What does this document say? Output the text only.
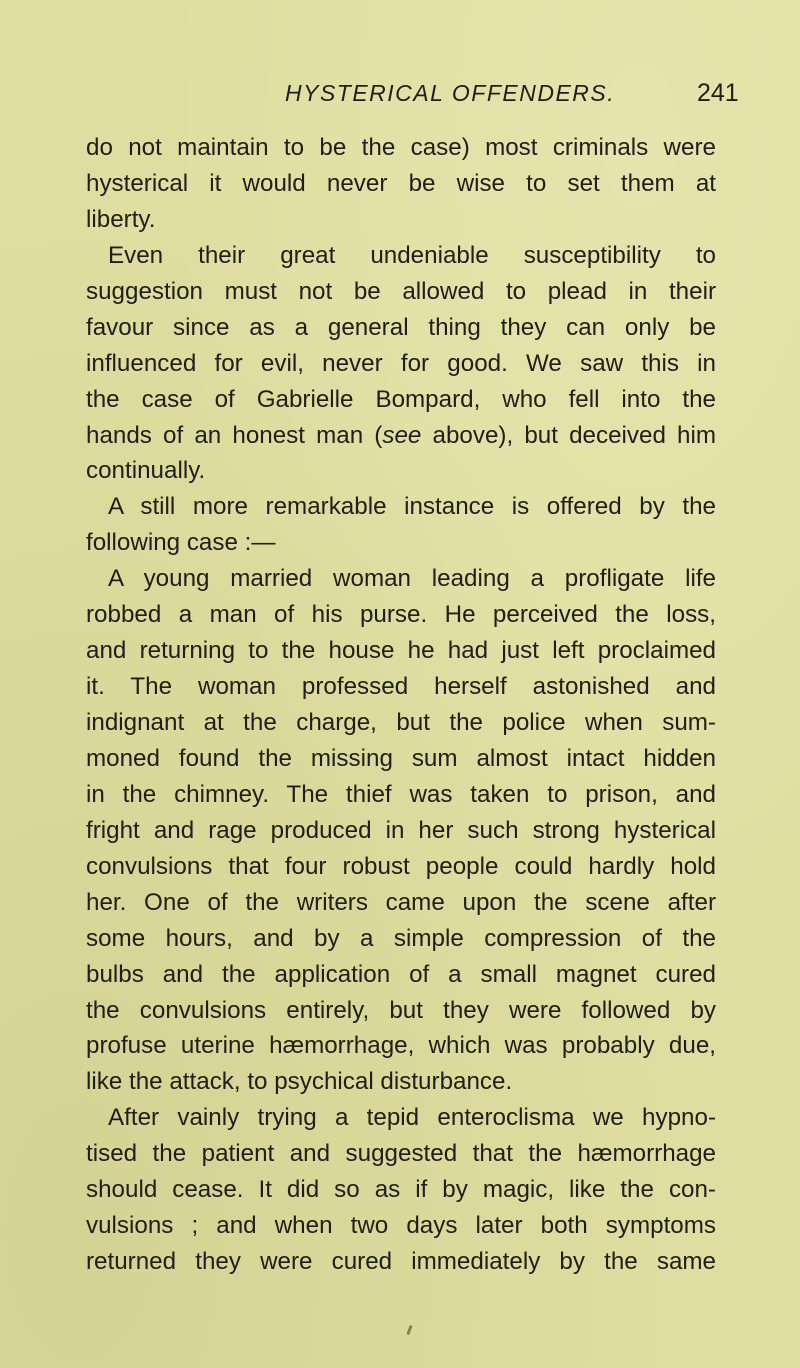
HYSTERICAL OFFENDERS.	241
do not maintain to be the case) most criminals were
hysterical it would never be wise to set them at
liberty.
Even their great undeniable susceptibility to
suggestion must not be allowed to plead in their
favour since as a general thing they can only be
influenced for evil, never for good. We saw this in
the case of Gabrielle Bompard, who fell into the
hands of an honest man (see above), but deceived him
continually.
A still more remarkable instance is offered by the
following case :—
A young married woman leading a profligate life
robbed a man of his purse. He perceived the loss,
and returning to the house he had just left proclaimed
it. The woman professed herself astonished and
indignant at the charge, but the police when sum-
moned found the missing sum almost intact hidden
in the chimney. The thief was taken to prison, and
fright and rage produced in her such strong hysterical
convulsions that four robust people could hardly hold
her. One of the writers came upon the scene after
some hours, and by a simple compression of the
bulbs and the application of a small magnet cured
the convulsions entirely, but they were followed by
profuse uterine hæmorrhage, which was probably due,
like the attack, to psychical disturbance.
After vainly trying a tepid enteroclisma we hypno-
tised the patient and suggested that the hæmorrhage
should cease. It did so as if by magic, like the con-
vulsions ; and when two days later both symptoms
returned they were cured immediately by the same
